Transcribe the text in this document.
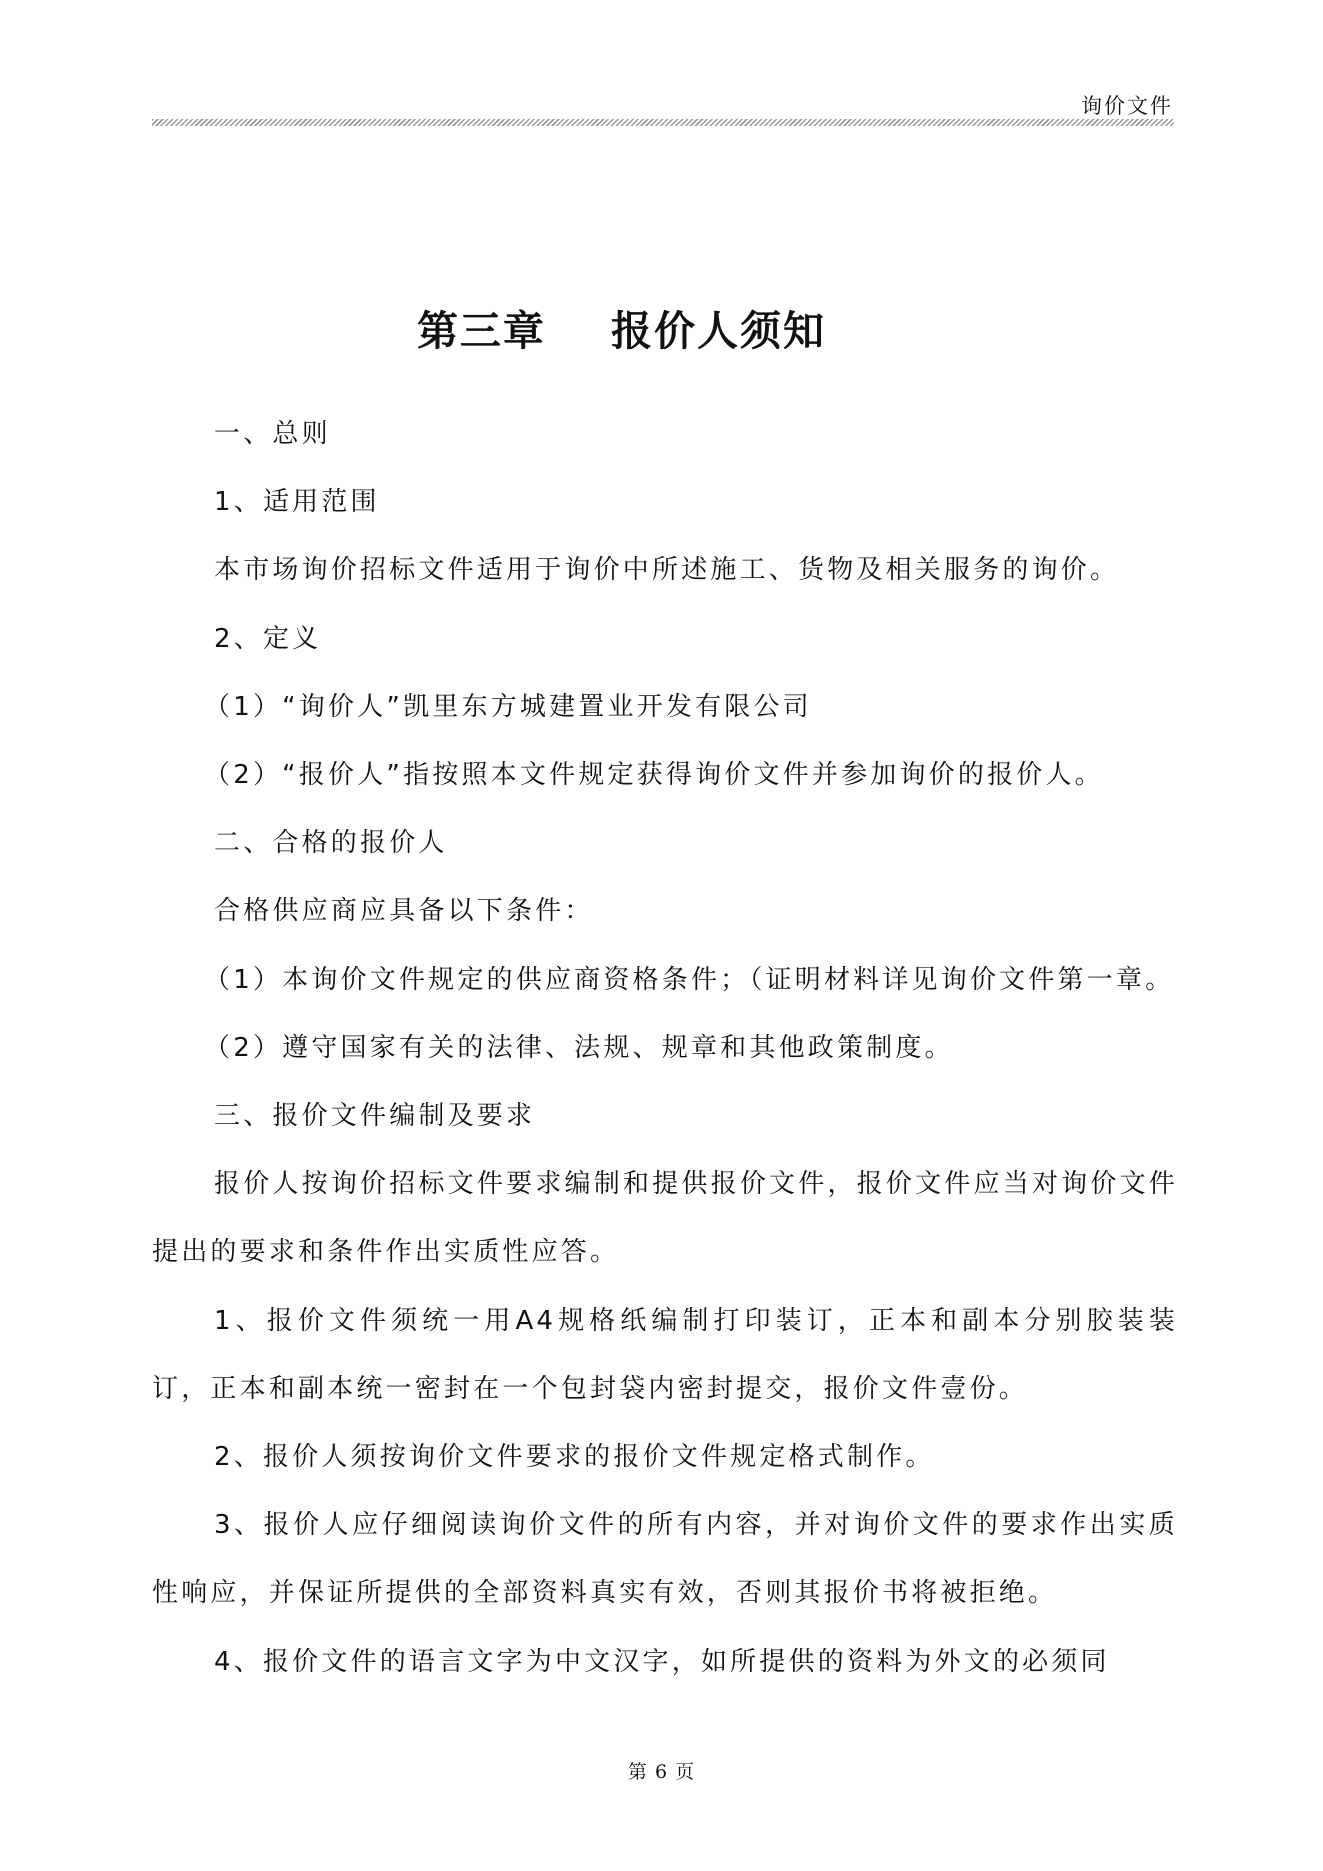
询价文件
第三章    报价人须知

一、总则

1、适用范围

本市场询价招标文件适用于询价中所述施工、货物及相关服务的询价。

2、定义

（1）“询价人”凯里东方城建置业开发有限公司

（2）“报价人”指按照本文件规定获得询价文件并参加询价的报价人。

二、合格的报价人

合格供应商应具备以下条件：

（1）本询价文件规定的供应商资格条件；（证明材料详见询价文件第一章。

（2）遵守国家有关的法律、法规、规章和其他政策制度。

三、报价文件编制及要求

报价人按询价招标文件要求编制和提供报价文件，报价文件应当对询价文件提出的要求和条件作出实质性应答。

1、报价文件须统一用A4规格纸编制打印装订，正本和副本分别胶装装订，正本和副本统一密封在一个包封袋内密封提交，报价文件壹份。

2、报价人须按询价文件要求的报价文件规定格式制作。

3、报价人应仔细阅读询价文件的所有内容，并对询价文件的要求作出实质性响应，并保证所提供的全部资料真实有效，否则其报价书将被拒绝。

4、报价文件的语言文字为中文汉字，如所提供的资料为外文的必须同

第 6 页
